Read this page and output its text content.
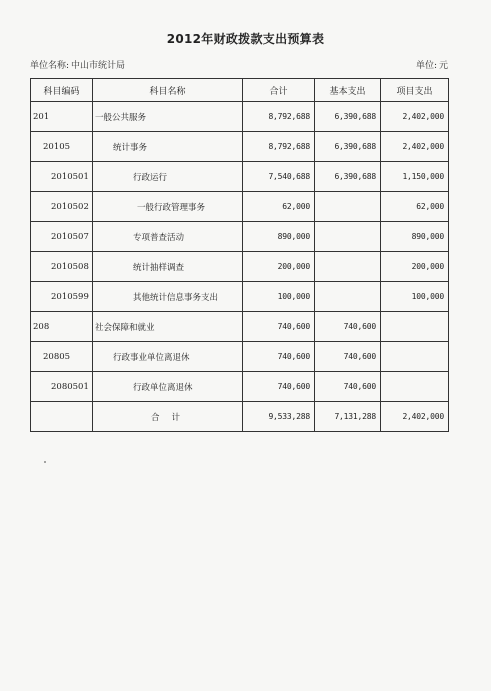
2012年财政拨款支出预算表
单位名称: 中山市统计局	单位: 元
科目编码	科目名称	合计	基本支出	项目支出
201	一般公共服务	8,792,688	6,390,688	2,402,000
20105	统计事务	8,792,688	6,390,688	2,402,000
2010501	行政运行	7,540,688	6,390,688	1,150,000
2010502	一般行政管理事务	62,000		62,000
2010507	专项普查活动	890,000		890,000
2010508	统计抽样调查	200,000		200,000
2010599	其他统计信息事务支出	100,000		100,000
208	社会保障和就业	740,600	740,600	
20805	行政事业单位离退休	740,600	740,600	
2080501	行政单位离退休	740,600	740,600	
	合计	9,533,288	7,131,288	2,402,000
